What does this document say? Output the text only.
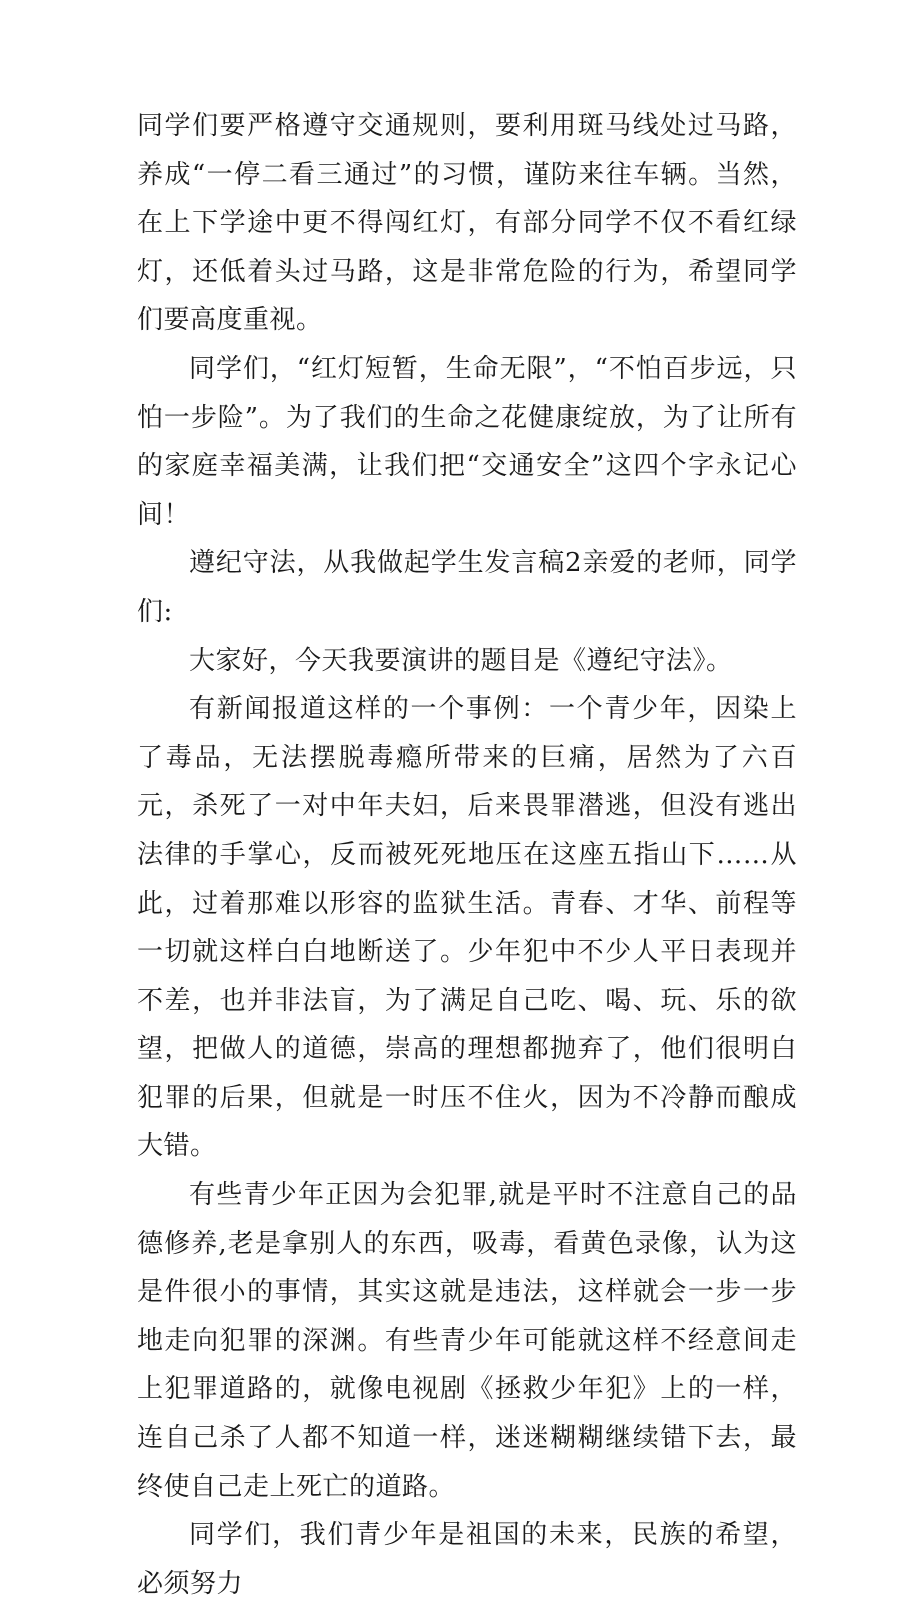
同学们要严格遵守交通规则，要利用斑马线处过马路，养成“一停二看三通过”的习惯，谨防来往车辆。当然，在上下学途中更不得闯红灯，有部分同学不仅不看红绿灯，还低着头过马路，这是非常危险的行为，希望同学们要高度重视。

同学们，“红灯短暂，生命无限”，“不怕百步远，只怕一步险”。为了我们的生命之花健康绽放，为了让所有的家庭幸福美满，让我们把“交通安全”这四个字永记心间！

遵纪守法，从我做起学生发言稿2亲爱的老师，同学们:

大家好，今天我要演讲的题目是《遵纪守法》。

有新闻报道这样的一个事例：一个青少年，因染上了毒品，无法摆脱毒瘾所带来的巨痛，居然为了六百元，杀死了一对中年夫妇，后来畏罪潜逃，但没有逃出法律的手掌心，反而被死死地压在这座五指山下……从此，过着那难以形容的监狱生活。青春、才华、前程等一切就这样白白地断送了。少年犯中不少人平日表现并不差，也并非法盲，为了满足自己吃、喝、玩、乐的欲望，把做人的道德，崇高的理想都抛弃了，他们很明白犯罪的后果，但就是一时压不住火，因为不冷静而酿成大错。

有些青少年正因为会犯罪,就是平时不注意自己的品德修养,老是拿别人的东西，吸毒，看黄色录像，认为这是件很小的事情，其实这就是违法，这样就会一步一步地走向犯罪的深渊。有些青少年可能就这样不经意间走上犯罪道路的，就像电视剧《拯救少年犯》上的一样，连自己杀了人都不知道一样，迷迷糊糊继续错下去，最终使自己走上死亡的道路。

同学们，我们青少年是祖国的未来，民族的希望，必须努力
